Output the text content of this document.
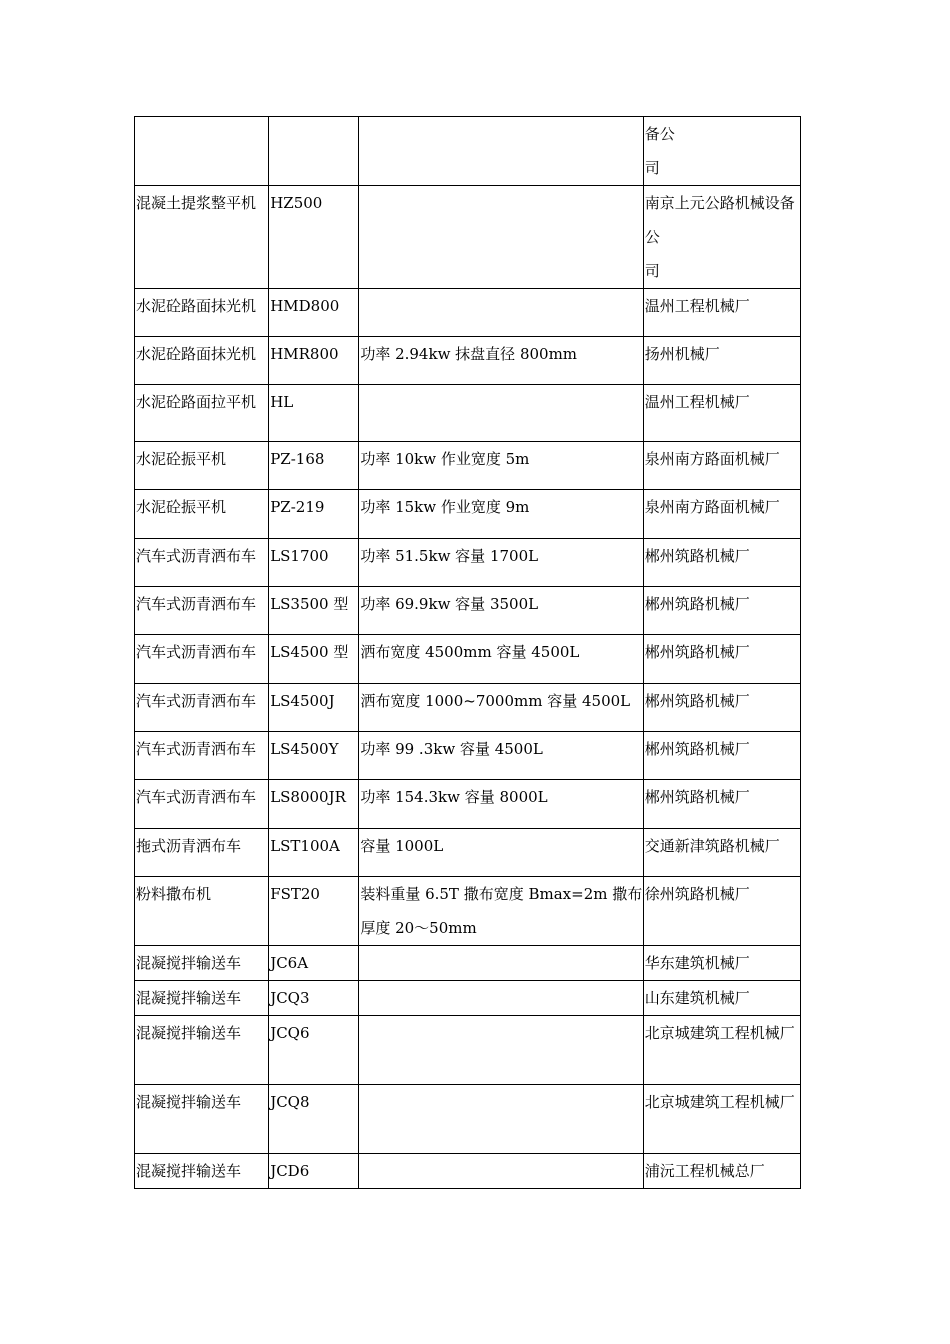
			备公
司

混凝土提浆整平机	HZ500		南京上元公路机械设备公
司

水泥砼路面抹光机	HMD800		温州工程机械厂

水泥砼路面抹光机	HMR800	功率 2.94kw 抹盘直径 800mm	扬州机械厂

水泥砼路面拉平机	HL		温州工程机械厂

水泥砼振平机	PZ-168	功率 10kw 作业宽度 5m	泉州南方路面机械厂

水泥砼振平机	PZ-219	功率 15kw 作业宽度 9m	泉州南方路面机械厂

汽车式沥青洒布车	LS1700	功率 51.5kw 容量 1700L	郴州筑路机械厂

汽车式沥青洒布车	LS3500 型	功率 69.9kw 容量 3500L	郴州筑路机械厂

汽车式沥青洒布车	LS4500 型	洒布宽度 4500mm 容量 4500L	郴州筑路机械厂

汽车式沥青洒布车	LS4500J	洒布宽度 1000~7000mm 容量 4500L	郴州筑路机械厂

汽车式沥青洒布车	LS4500Y	功率 99 .3kw 容量 4500L	郴州筑路机械厂

汽车式沥青洒布车	LS8000JR	功率 154.3kw 容量 8000L	郴州筑路机械厂

拖式沥青洒布车	LST100A	容量 1000L	交通新津筑路机械厂

粉料撒布机	FST20	装料重量 6.5T 撒布宽度 Bmax=2m 撒布厚度 20～50mm	徐州筑路机械厂

混凝搅拌输送车	JC6A		华东建筑机械厂

混凝搅拌输送车	JCQ3		山东建筑机械厂

混凝搅拌输送车	JCQ6		北京城建筑工程机械厂

混凝搅拌输送车	JCQ8		北京城建筑工程机械厂

混凝搅拌输送车	JCD6		浦沅工程机械总厂
